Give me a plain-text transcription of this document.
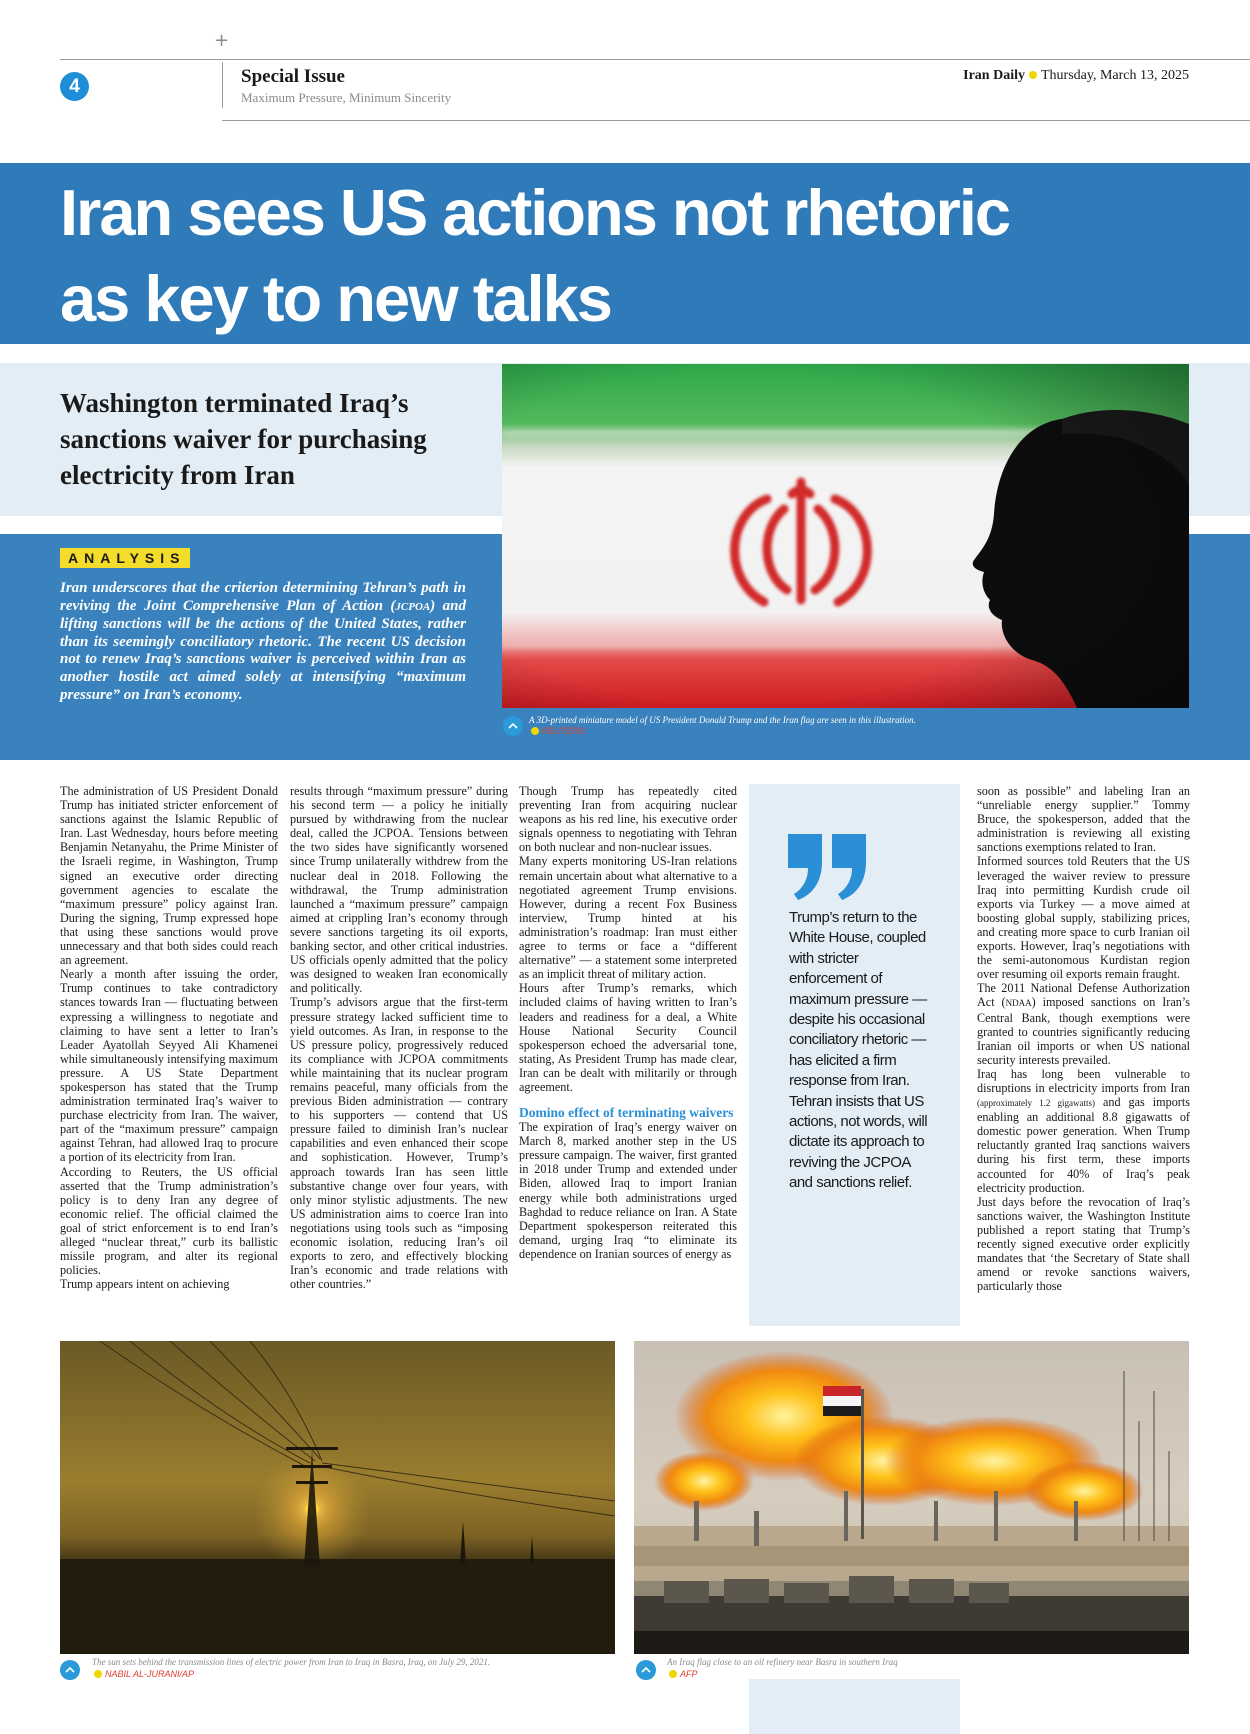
+
4	Special Issue
Maximum Pressure, Minimum Sincerity
Iran Daily Thursday, March 13, 2025
Iran sees US actions not rhetoric
as key to new talks
Washington terminated Iraq’s sanctions waiver for purchasing electricity from Iran
ANALYSIS

Iran underscores that the criterion determining Tehran’s path in reviving the Joint Comprehensive Plan of Action (JCPOA) and lifting sanctions will be the actions of the United States, rather than its seemingly conciliatory rhetoric. The recent US decision not to renew Iraq’s sanctions waiver is perceived within Iran as another hostile act aimed solely at intensifying “maximum pressure” on Iran’s economy.

A 3D-printed miniature model of US President Donald Trump and the Iran flag are seen in this illustration.
REUTERS

The administration of US President Donald Trump has initiated stricter enforcement of sanctions against the Islamic Republic of Iran. Last Wednesday, hours before meeting Benjamin Netanyahu, the Prime Minister of the Israeli regime, in Washington, Trump signed an executive order directing government agencies to escalate the “maximum pressure” policy against Iran. During the signing, Trump expressed hope that using these sanctions would prove unnecessary and that both sides could reach an agreement.

Nearly a month after issuing the order, Trump continues to take contradictory stances towards Iran — fluctuating between expressing a willingness to negotiate and claiming to have sent a letter to Iran’s Leader Ayatollah Seyyed Ali Khamenei while simultaneously intensifying maximum pressure. A US State Department spokesperson has stated that the Trump administration terminated Iraq’s waiver to purchase electricity from Iran. The waiver, part of the “maximum pressure” campaign against Tehran, had allowed Iraq to procure a portion of its electricity from Iran.

According to Reuters, the US official asserted that the Trump administration’s policy is to deny Iran any degree of economic relief. The official claimed the goal of strict enforcement is to end Iran’s alleged “nuclear threat,” curb its ballistic missile program, and alter its regional policies.

Trump appears intent on achieving

results through “maximum pressure” during his second term — a policy he initially pursued by withdrawing from the nuclear deal, called the JCPOA. Tensions between the two sides have significantly worsened since Trump unilaterally withdrew from the nuclear deal in 2018. Following the withdrawal, the Trump administration launched a “maximum pressure” campaign aimed at crippling Iran’s economy through severe sanctions targeting its oil exports, banking sector, and other critical industries. US officials openly admitted that the policy was designed to weaken Iran economically and politically.

Trump’s advisors argue that the first-term pressure strategy lacked sufficient time to yield outcomes. As Iran, in response to the US pressure policy, progressively reduced its compliance with JCPOA commitments while maintaining that its nuclear program remains peaceful, many officials from the previous Biden administration — contrary to his supporters — contend that US pressure failed to diminish Iran’s nuclear capabilities and even enhanced their scope and sophistication. However, Trump’s approach towards Iran has seen little substantive change over four years, with only minor stylistic adjustments. The new US administration aims to coerce Iran into negotiations using tools such as “imposing economic isolation, reducing Iran’s oil exports to zero, and effectively blocking Iran’s economic and trade relations with other countries.”

Though Trump has repeatedly cited preventing Iran from acquiring nuclear weapons as his red line, his executive order signals openness to negotiating with Tehran on both nuclear and non-nuclear issues.

Many experts monitoring US-Iran relations remain uncertain about what alternative to a negotiated agreement Trump envisions. However, during a recent Fox Business interview, Trump hinted at his administration’s roadmap: Iran must either agree to terms or face a “different alternative” — a statement some interpreted as an implicit threat of military action.

Hours after Trump’s remarks, which included claims of having written to Iran’s leaders and readiness for a deal, a White House National Security Council spokesperson echoed the adversarial tone, stating, As President Trump has made clear, Iran can be dealt with militarily or through agreement.

Domino effect of terminating waivers

The expiration of Iraq’s energy waiver on March 8, marked another step in the US pressure campaign. The waiver, first granted in 2018 under Trump and extended under Biden, allowed Iraq to import Iranian energy while both administrations urged Baghdad to reduce reliance on Iran. A State Department spokesperson reiterated this demand, urging Iraq “to eliminate its dependence on Iranian sources of energy as

Trump’s return to the White House, coupled with stricter enforcement of maximum pressure — despite his occasional conciliatory rhetoric — has elicited a firm response from Iran. Tehran insists that US actions, not words, will dictate its approach to reviving the JCPOA and sanctions relief.

soon as possible” and labeling Iran an “unreliable energy supplier.” Tommy Bruce, the spokesperson, added that the administration is reviewing all existing sanctions exemptions related to Iran.

Informed sources told Reuters that the US leveraged the waiver review to pressure Iraq into permitting Kurdish crude oil exports via Turkey — a move aimed at boosting global supply, stabilizing prices, and creating more space to curb Iranian oil exports. However, Iraq’s negotiations with the semi-autonomous Kurdistan region over resuming oil exports remain fraught.

The 2011 National Defense Authorization Act (NDAA) imposed sanctions on Iran’s Central Bank, though exemptions were granted to countries significantly reducing Iranian oil imports or when US national security interests prevailed.

Iraq has long been vulnerable to disruptions in electricity imports from Iran (approximately 1.2 gigawatts) and gas imports enabling an additional 8.8 gigawatts of domestic power generation. When Trump reluctantly granted Iraq sanctions waivers during his first term, these imports accounted for 40% of Iraq’s peak electricity production.

Just days before the revocation of Iraq’s sanctions waiver, the Washington Institute published a report stating that Trump’s recently signed executive order explicitly mandates that ‘the Secretary of State shall amend or revoke sanctions waivers, particularly those

The sun sets behind the transmission lines of electric power from Iran to Iraq in Basra, Iraq, on July 29, 2021.
NABIL AL-JURANI/AP
An Iraq flag close to an oil refinery near Basra in southern Iraq
AFP
